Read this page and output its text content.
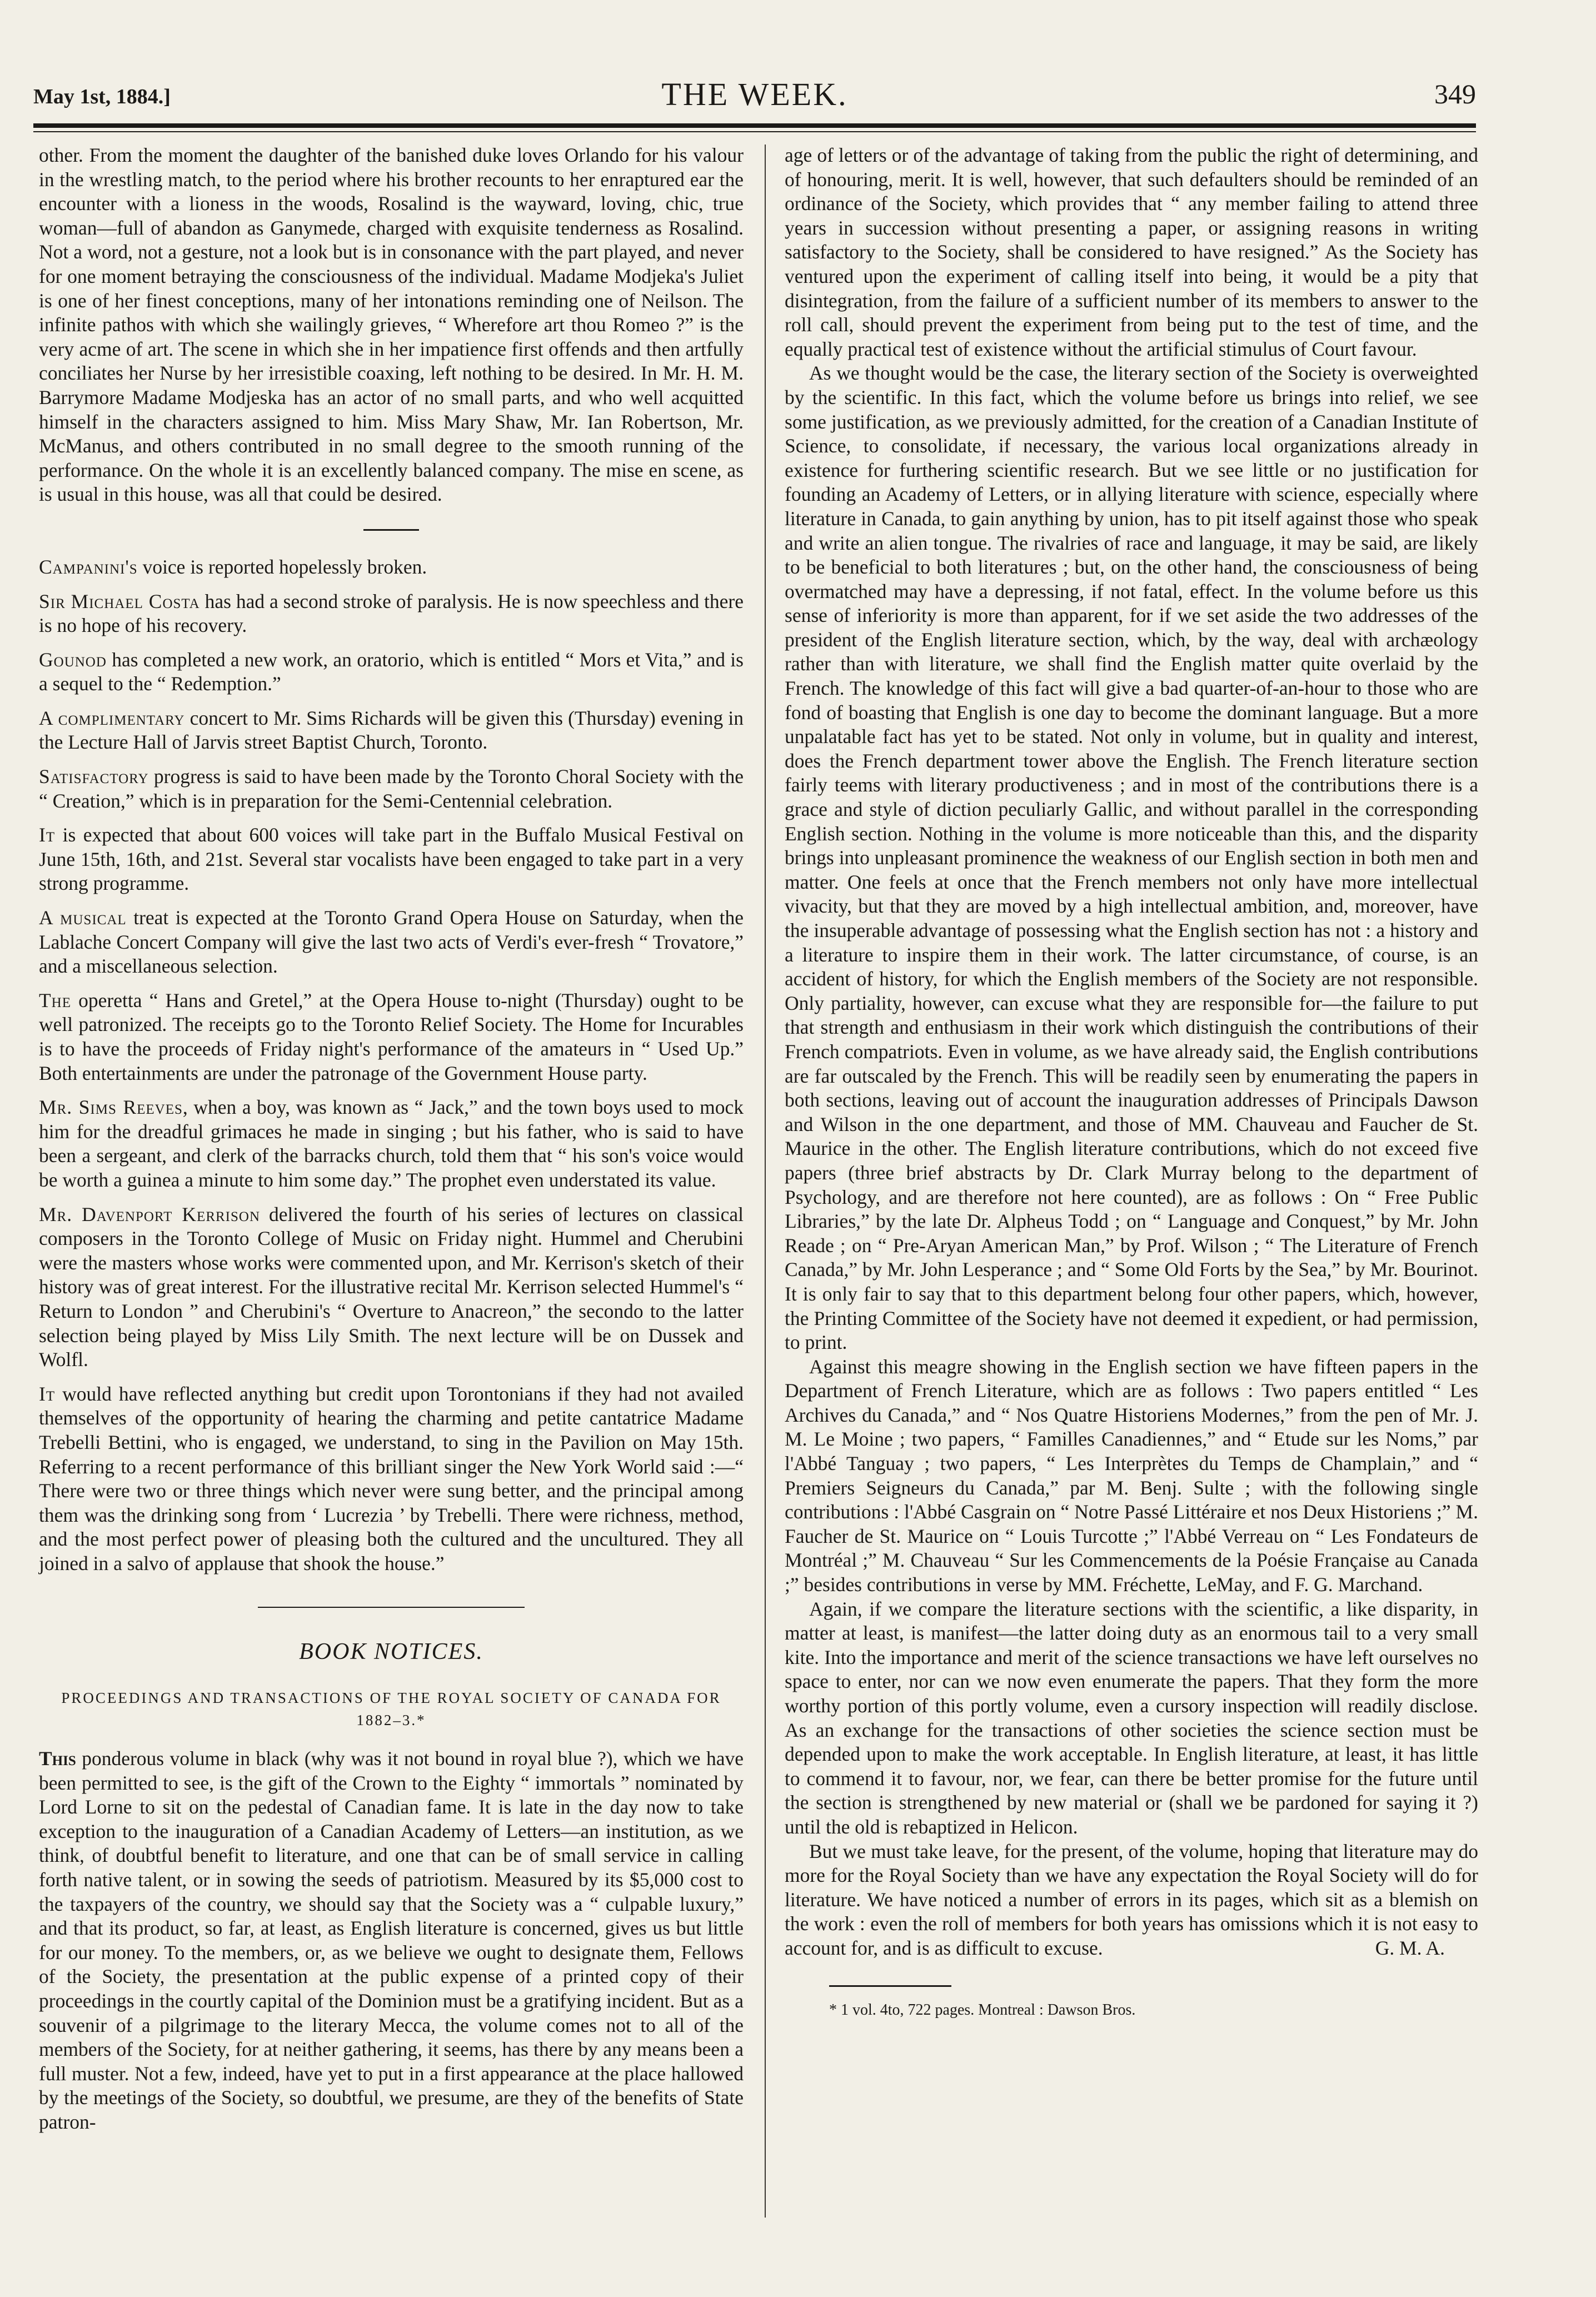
May 1st, 1884.]	THE WEEK.	349

other. From the moment the daughter of the banished duke loves Orlando for his valour in the wrestling match, to the period where his brother recounts to her enraptured ear the encounter with a lioness in the woods, Rosalind is the wayward, loving, chic, true woman—full of abandon as Ganymede, charged with exquisite tenderness as Rosalind. Not a word, not a gesture, not a look but is in consonance with the part played, and never for one moment betraying the consciousness of the individual. Madame Modjeka's Juliet is one of her finest conceptions, many of her intonations reminding one of Neilson. The infinite pathos with which she wailingly grieves, “ Wherefore art thou Romeo ?” is the very acme of art. The scene in which she in her impatience first offends and then artfully conciliates her Nurse by her irresistible coaxing, left nothing to be desired. In Mr. H. M. Barrymore Madame Modjeska has an actor of no small parts, and who well acquitted himself in the characters assigned to him. Miss Mary Shaw, Mr. Ian Robertson, Mr. McManus, and others contributed in no small degree to the smooth running of the performance. On the whole it is an excellently balanced company. The mise en scene, as is usual in this house, was all that could be desired.

Campanini's voice is reported hopelessly broken.

Sir Michael Costa has had a second stroke of paralysis. He is now speechless and there is no hope of his recovery.

Gounod has completed a new work, an oratorio, which is entitled “ Mors et Vita,” and is a sequel to the “ Redemption.”

A complimentary concert to Mr. Sims Richards will be given this (Thursday) evening in the Lecture Hall of Jarvis street Baptist Church, Toronto.

Satisfactory progress is said to have been made by the Toronto Choral Society with the “ Creation,” which is in preparation for the Semi-Centennial celebration.

It is expected that about 600 voices will take part in the Buffalo Musical Festival on June 15th, 16th, and 21st. Several star vocalists have been engaged to take part in a very strong programme.

A musical treat is expected at the Toronto Grand Opera House on Saturday, when the Lablache Concert Company will give the last two acts of Verdi's ever-fresh “ Trovatore,” and a miscellaneous selection.

The operetta “ Hans and Gretel,” at the Opera House to-night (Thursday) ought to be well patronized. The receipts go to the Toronto Relief Society. The Home for Incurables is to have the proceeds of Friday night's performance of the amateurs in “ Used Up.” Both entertainments are under the patronage of the Government House party.

Mr. Sims Reeves, when a boy, was known as “ Jack,” and the town boys used to mock him for the dreadful grimaces he made in singing ; but his father, who is said to have been a sergeant, and clerk of the barracks church, told them that “ his son's voice would be worth a guinea a minute to him some day.” The prophet even understated its value.

Mr. Davenport Kerrison delivered the fourth of his series of lectures on classical composers in the Toronto College of Music on Friday night. Hummel and Cherubini were the masters whose works were commented upon, and Mr. Kerrison's sketch of their history was of great interest. For the illustrative recital Mr. Kerrison selected Hummel's “ Return to London ” and Cherubini's “ Overture to Anacreon,” the secondo to the latter selection being played by Miss Lily Smith. The next lecture will be on Dussek and Wolfl.

It would have reflected anything but credit upon Torontonians if they had not availed themselves of the opportunity of hearing the charming and petite cantatrice Madame Trebelli Bettini, who is engaged, we understand, to sing in the Pavilion on May 15th. Referring to a recent performance of this brilliant singer the New York World said :—“ There were two or three things which never were sung better, and the principal among them was the drinking song from ‘ Lucrezia ’ by Trebelli. There were richness, method, and the most perfect power of pleasing both the cultured and the uncultured. They all joined in a salvo of applause that shook the house.”

BOOK NOTICES.
PROCEEDINGS AND TRANSACTIONS OF THE ROYAL SOCIETY OF CANADA FOR 1882–3.*

This ponderous volume in black (why was it not bound in royal blue ?), which we have been permitted to see, is the gift of the Crown to the Eighty “ immortals ” nominated by Lord Lorne to sit on the pedestal of Canadian fame. It is late in the day now to take exception to the inauguration of a Canadian Academy of Letters—an institution, as we think, of doubtful benefit to literature, and one that can be of small service in calling forth native talent, or in sowing the seeds of patriotism. Measured by its $5,000 cost to the taxpayers of the country, we should say that the Society was a “ culpable luxury,” and that its product, so far, at least, as English literature is concerned, gives us but little for our money. To the members, or, as we believe we ought to designate them, Fellows of the Society, the presentation at the public expense of a printed copy of their proceedings in the courtly capital of the Dominion must be a gratifying incident. But as a souvenir of a pilgrimage to the literary Mecca, the volume comes not to all of the members of the Society, for at neither gathering, it seems, has there by any means been a full muster. Not a few, indeed, have yet to put in a first appearance at the place hallowed by the meetings of the Society, so doubtful, we presume, are they of the benefits of State patron-

age of letters or of the advantage of taking from the public the right of determining, and of honouring, merit. It is well, however, that such defaulters should be reminded of an ordinance of the Society, which provides that “ any member failing to attend three years in succession without presenting a paper, or assigning reasons in writing satisfactory to the Society, shall be considered to have resigned.” As the Society has ventured upon the experiment of calling itself into being, it would be a pity that disintegration, from the failure of a sufficient number of its members to answer to the roll call, should prevent the experiment from being put to the test of time, and the equally practical test of existence without the artificial stimulus of Court favour.

As we thought would be the case, the literary section of the Society is overweighted by the scientific. In this fact, which the volume before us brings into relief, we see some justification, as we previously admitted, for the creation of a Canadian Institute of Science, to consolidate, if necessary, the various local organizations already in existence for furthering scientific research. But we see little or no justification for founding an Academy of Letters, or in allying literature with science, especially where literature in Canada, to gain anything by union, has to pit itself against those who speak and write an alien tongue. The rivalries of race and language, it may be said, are likely to be beneficial to both literatures ; but, on the other hand, the consciousness of being overmatched may have a depressing, if not fatal, effect. In the volume before us this sense of inferiority is more than apparent, for if we set aside the two addresses of the president of the English literature section, which, by the way, deal with archæology rather than with literature, we shall find the English matter quite overlaid by the French. The knowledge of this fact will give a bad quarter-of-an-hour to those who are fond of boasting that English is one day to become the dominant language. But a more unpalatable fact has yet to be stated. Not only in volume, but in quality and interest, does the French department tower above the English. The French literature section fairly teems with literary productiveness ; and in most of the contributions there is a grace and style of diction peculiarly Gallic, and without parallel in the corresponding English section. Nothing in the volume is more noticeable than this, and the disparity brings into unpleasant prominence the weakness of our English section in both men and matter. One feels at once that the French members not only have more intellectual vivacity, but that they are moved by a high intellectual ambition, and, moreover, have the insuperable advantage of possessing what the English section has not : a history and a literature to inspire them in their work. The latter circumstance, of course, is an accident of history, for which the English members of the Society are not responsible. Only partiality, however, can excuse what they are responsible for—the failure to put that strength and enthusiasm in their work which distinguish the contributions of their French compatriots. Even in volume, as we have already said, the English contributions are far outscaled by the French. This will be readily seen by enumerating the papers in both sections, leaving out of account the inauguration addresses of Principals Dawson and Wilson in the one department, and those of MM. Chauveau and Faucher de St. Maurice in the other. The English literature contributions, which do not exceed five papers (three brief abstracts by Dr. Clark Murray belong to the department of Psychology, and are therefore not here counted), are as follows : On “ Free Public Libraries,” by the late Dr. Alpheus Todd ; on “ Language and Conquest,” by Mr. John Reade ; on “ Pre-Aryan American Man,” by Prof. Wilson ; “ The Literature of French Canada,” by Mr. John Lesperance ; and “ Some Old Forts by the Sea,” by Mr. Bourinot. It is only fair to say that to this department belong four other papers, which, however, the Printing Committee of the Society have not deemed it expedient, or had permission, to print.

Against this meagre showing in the English section we have fifteen papers in the Department of French Literature, which are as follows : Two papers entitled “ Les Archives du Canada,” and “ Nos Quatre Historiens Modernes,” from the pen of Mr. J. M. Le Moine ; two papers, “ Familles Canadiennes,” and “ Etude sur les Noms,” par l'Abbé Tanguay ; two papers, “ Les Interprètes du Temps de Champlain,” and “ Premiers Seigneurs du Canada,” par M. Benj. Sulte ; with the following single contributions : l'Abbé Casgrain on “ Notre Passé Littéraire et nos Deux Historiens ;” M. Faucher de St. Maurice on “ Louis Turcotte ;” l'Abbé Verreau on “ Les Fondateurs de Montréal ;” M. Chauveau “ Sur les Commencements de la Poésie Française au Canada ;” besides contributions in verse by MM. Fréchette, LeMay, and F. G. Marchand.

Again, if we compare the literature sections with the scientific, a like disparity, in matter at least, is manifest—the latter doing duty as an enormous tail to a very small kite. Into the importance and merit of the science transactions we have left ourselves no space to enter, nor can we now even enumerate the papers. That they form the more worthy portion of this portly volume, even a cursory inspection will readily disclose. As an exchange for the transactions of other societies the science section must be depended upon to make the work acceptable. In English literature, at least, it has little to commend it to favour, nor, we fear, can there be better promise for the future until the section is strengthened by new material or (shall we be pardoned for saying it ?) until the old is rebaptized in Helicon.

But we must take leave, for the present, of the volume, hoping that literature may do more for the Royal Society than we have any expectation the Royal Society will do for literature. We have noticed a number of errors in its pages, which sit as a blemish on the work : even the roll of members for both years has omissions which it is not easy to account for, and is as difficult to excuse.	G. M. A.

* 1 vol. 4to, 722 pages. Montreal : Dawson Bros.
